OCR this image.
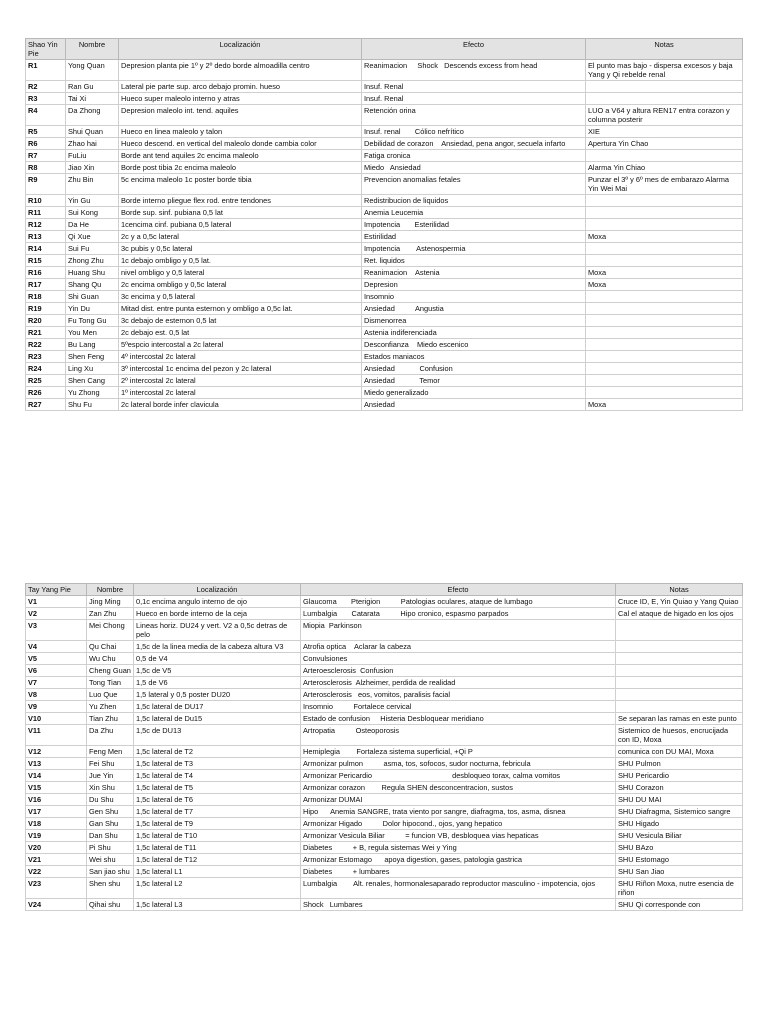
Shao Yin Pie	Nombre	Localización	Efecto	Notas
R1	Yong Quan	Depresion planta pie 1º y 2º dedo borde almoadilla centro	Reanimacion     Shock   Descends excess from head	El punto mas bajo - dispersa excesos y baja Yang y Qi rebelde renal
R2	Ran Gu	Lateral pie parte sup. arco debajo promin. hueso	Insuf. Renal	
R3	Tai Xi	Hueco super maleolo interno y atras	Insuf. Renal	
R4	Da Zhong	Depresion maleolo int. tend. aquiles	Retención orina	LUO a V64 y altura REN17 entra corazon y columna posterir
R5	Shui Quan	Hueco en linea maleolo y talon	Insuf. renal       Cólico nefrítico	XIE
R6	Zhao hai	Hueco descend. en vertical del maleolo donde cambia color	Debilidad de corazon    Ansiedad, pena angor, secuela infarto	Apertura Yin Chao
R7	FuLiu	Borde ant tend aquiles 2c encima maleolo	Fatiga cronica	
R8	Jiao Xin	Borde post tibia 2c encima maleolo	Miedo   Ansiedad	Alarma Yin Chiao
R9	Zhu Bin	5c encima maleolo 1c poster borde tibia	Prevencion anomalias fetales	Punzar el 3º y 6º mes de embarazo Alarma Yin Wei Mai
R10	Yin Gu	Borde interno pliegue flex rod. entre tendones	Redistribucion de liquidos	
R11	Sui Kong	Borde sup. sinf. pubiana 0,5 lat	Anemia Leucemia	
R12	Da He	1cencima cinf. pubiana 0,5 lateral	Impotencia       Esterilidad	
R13	Qi Xue	2c y a 0,5c lateral	Estirilidad	Moxa
R14	Sui Fu	3c pubis y 0,5c lateral	Impotencia        Astenospermia	
R15	Zhong Zhu	1c debajo ombligo y 0,5 lat.	Ret. liquidos	
R16	Huang Shu	nivel ombligo y 0,5 lateral	Reanimacion    Astenia	Moxa
R17	Shang Qu	2c encima ombligo y 0,5c lateral	Depresion	Moxa
R18	Shi Guan	3c encima y 0,5 lateral	Insomnio	
R19	Yin Du	Mitad dist. entre punta esternon y ombligo a 0,5c lat.	Ansiedad          Angustia	
R20	Fu Tong Gu	3c debajo de esternon 0,5 lat	Dismenorrea	
R21	You Men	2c debajo est. 0,5 lat	Astenia indiferenciada	
R22	Bu Lang	5ºespcio intercostal a 2c lateral	Desconfianza    Miedo escenico	
R23	Shen Feng	4º intercostal 2c lateral	Estados maniacos	
R24	Ling Xu	3º intercostal 1c encima del pezon y 2c lateral	Ansiedad            Confusion	
R25	Shen Cang	2º intercostal 2c lateral	Ansiedad            Temor	
R26	Yu Zhong	1º intercostal 2c lateral	Miedo generalizado	
R27	Shu Fu	2c lateral borde infer clavicula	Ansiedad	Moxa
Tay Yang Pie	Nombre	Localización	Efecto	Notas
V1	Jing Ming	0,1c encima angulo interno de ojo	Glaucoma       Pterigion          Patologias oculares, ataque de lumbago	Cruce ID, E, Yin Quiao y Yang Quiao
V2	Zan Zhu	Hueco en borde interno de la ceja	Lumbalgia       Catarata          Hipo cronico, espasmo parpados	Cal el ataque de higado en los ojos
V3	Mei Chong	Lineas horiz. DU24 y vert. V2 a 0,5c detras de pelo	Miopia  Parkinson	
V4	Qu Chai	1,5c de la linea media de la cabeza altura V3	Atrofia optica    Aclarar la cabeza	
V5	Wu Chu	0,5 de V4	Convulsiones	
V6	Cheng Guan	1,5c de V5	Arteroesclerosis  Confusion	
V7	Tong Tian	1,5 de V6	Arterosclerosis  Alzheimer, perdida de realidad	
V8	Luo Que	1,5 lateral y 0,5 poster DU20	Arterosclerosis   eos, vomitos, paralisis facial	
V9	Yu Zhen	1,5c lateral de DU17	Insomnio          Fortalece cervical	
V10	Tian Zhu	1,5c lateral de Du15	Estado de confusion     Histeria Desbloquear meridiano	Se separan las ramas en este punto
V11	Da Zhu	1,5c de DU13	Artropatia          Osteoporosis	Sistemico de huesos, encrucijada con ID, Moxa
V12	Feng Men	1,5c lateral de T2	Hemiplegia        Fortaleza sistema superficial, +Qi P	comunica con DU MAI, Moxa
V13	Fei Shu	1,5c lateral de T3	Armonizar pulmon          asma, tos, sofocos, sudor nocturna, febricula	SHU Pulmon
V14	Jue Yin	1,5c lateral de T4	Armonizar Pericardio                                       desbloqueo torax, calma vomitos	SHU Pericardio
V15	Xin Shu	1,5c lateral de T5	Armonizar corazon        Regula SHEN desconcentracion, sustos	SHU Corazon
V16	Du Shu	1,5c lateral de T6	Armonizar DUMAI	SHU DU MAI
V17	Gen Shu	1,5c lateral de T7	Hipo      Anemia SANGRE, trata viento por sangre, diafragma, tos, asma, disnea	SHU Diafragma, Sistemico sangre
V18	Gan Shu	1,5c lateral de T9	Armonizar Higado          Dolor hipocond., ojos, yang hepatico	SHU Higado
V19	Dan Shu	1,5c lateral de T10	Armonizar Vesicula Biliar          = funcion VB, desbloquea vias hepaticas	SHU Vesicula Biliar
V20	Pi Shu	1,5c lateral de T11	Diabetes          + B, regula sistemas Wei y Ying	SHU BAzo
V21	Wei shu	1,5c lateral de T12	Armonizar Estomago      apoya digestion, gases, patologia gastrica	SHU Estomago
V22	San jiao shu	1,5c lateral L1	Diabetes          + lumbares	SHU San Jiao
V23	Shen shu	1,5c lateral L2	Lumbalgia        Alt. renales, hormonalesaparado reproductor masculino - impotencia, ojos	SHU Riñon Moxa, nutre esencia de riñon
V24	Qihai shu	1,5c lateral L3	Shock   Lumbares	SHU Qi corresponde con
